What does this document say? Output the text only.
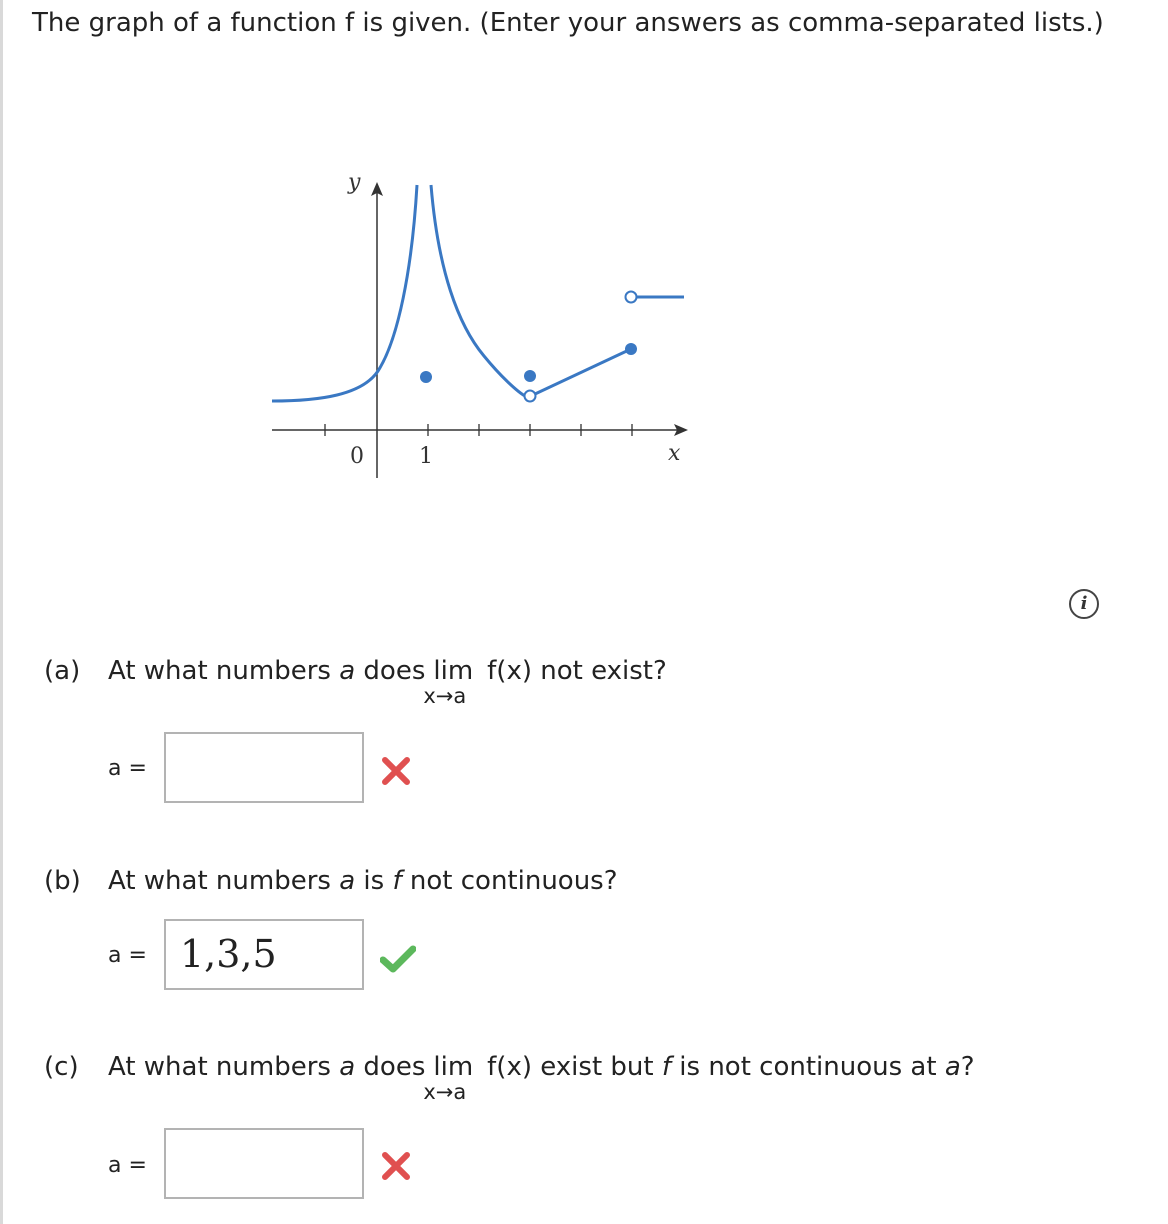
The graph of a function f is given. (Enter your answers as comma-separated lists.)
y
x
0	1
i
(a) At what numbers a does lim
x→a
f(x) not exist?
a =
(b) At what numbers a is f not continuous?
a = 1,3,5
(c) At what numbers a does lim
x→a
f(x) exist but f is not continuous at a?
a =
